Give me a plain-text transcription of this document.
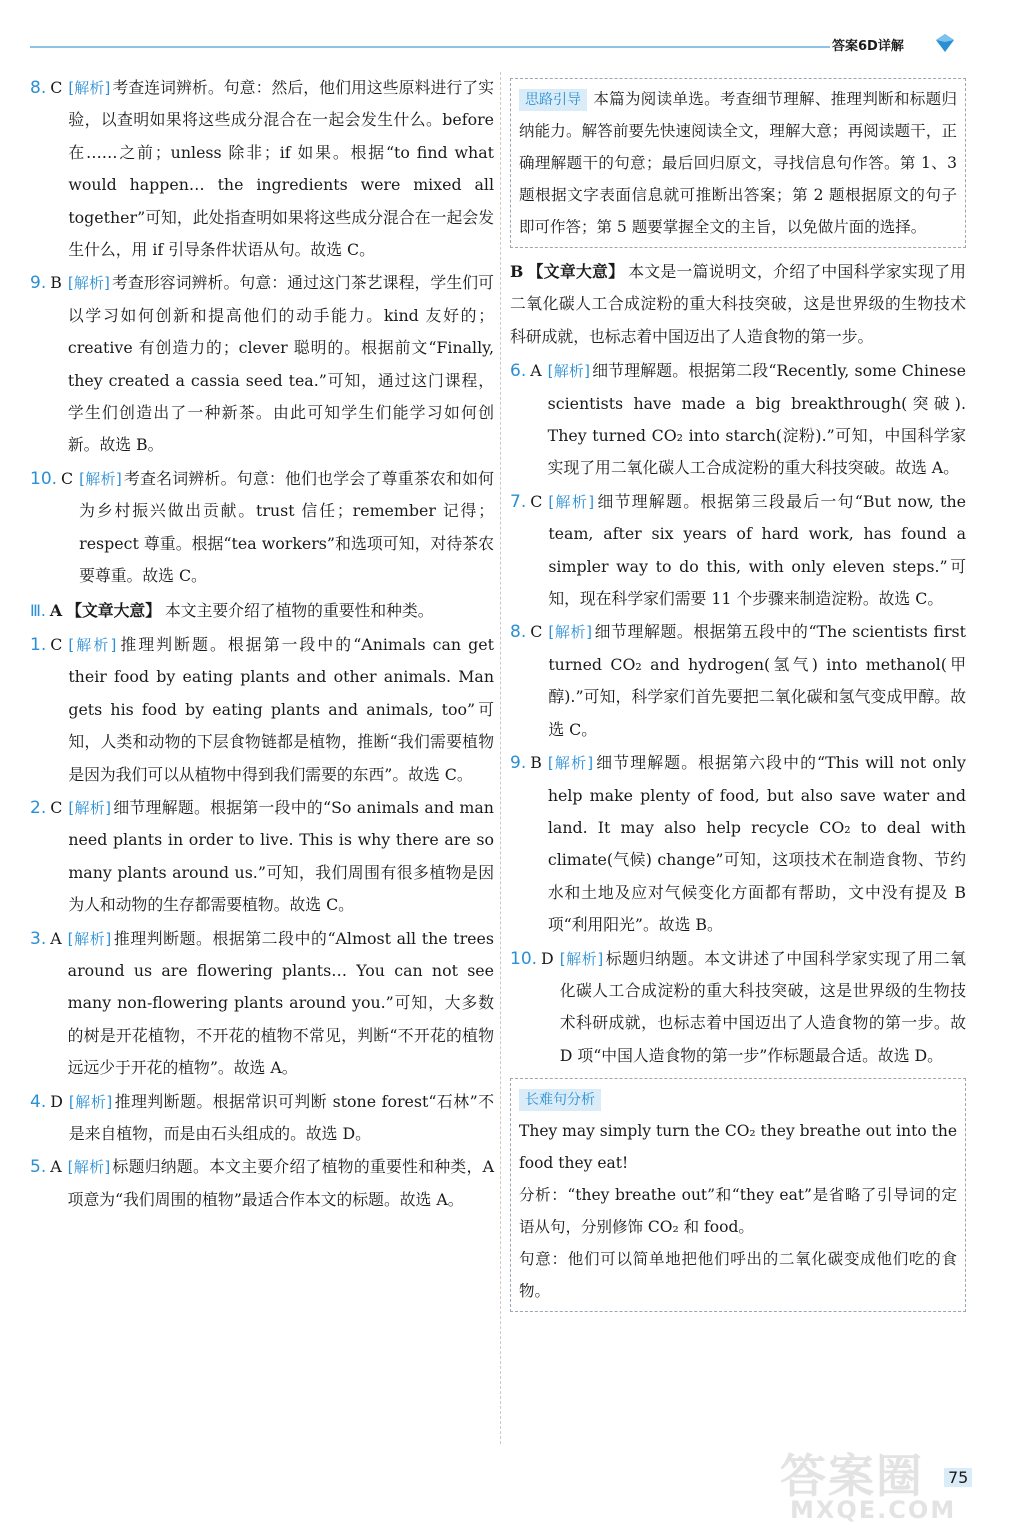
答案6D详解
8. C [解析] 考查连词辨析。句意：然后，他们用这些原料进行了实验，以查明如果将这些成分混合在一起会发生什么。before 在……之前；unless 除非；if 如果。根据“to find what would happen… the ingredients were mixed all together”可知，此处指查明如果将这些成分混合在一起会发生什么，用 if 引导条件状语从句。故选 C。
9. B [解析] 考查形容词辨析。句意：通过这门茶艺课程，学生们可以学习如何创新和提高他们的动手能力。kind 友好的；creative 有创造力的；clever 聪明的。根据前文“Finally, they created a cassia seed tea.”可知，通过这门课程，学生们创造出了一种新茶。由此可知学生们能学习如何创新。故选 B。
10. C [解析] 考查名词辨析。句意：他们也学会了尊重茶农和如何为乡村振兴做出贡献。trust 信任；remember 记得；respect 尊重。根据“tea workers”和选项可知，对待茶农要尊重。故选 C。
Ⅲ. A 【文章大意】 本文主要介绍了植物的重要性和种类。
1. C [解析] 推理判断题。根据第一段中的“Animals can get their food by eating plants and other animals. Man gets his food by eating plants and animals, too”可知，人类和动物的下层食物链都是植物，推断“我们需要植物是因为我们可以从植物中得到我们需要的东西”。故选 C。
2. C [解析] 细节理解题。根据第一段中的“So animals and man need plants in order to live. This is why there are so many plants around us.”可知，我们周围有很多植物是因为人和动物的生存都需要植物。故选 C。
3. A [解析] 推理判断题。根据第二段中的“Almost all the trees around us are flowering plants… You can not see many non-flowering plants around you.”可知，大多数的树是开花植物，不开花的植物不常见，判断“不开花的植物远远少于开花的植物”。故选 A。
4. D [解析] 推理判断题。根据常识可判断 stone forest“石林”不是来自植物，而是由石头组成的。故选 D。
5. A [解析] 标题归纳题。本文主要介绍了植物的重要性和种类，A 项意为“我们周围的植物”最适合作本文的标题。故选 A。
思路引导 本篇为阅读单选。考查细节理解、推理判断和标题归纳能力。解答前要先快速阅读全文，理解大意；再阅读题干，正确理解题干的句意；最后回归原文，寻找信息句作答。第 1、3 题根据文字表面信息就可推断出答案；第 2 题根据原文的句子即可作答；第 5 题要掌握全文的主旨，以免做片面的选择。
B 【文章大意】 本文是一篇说明文，介绍了中国科学家实现了用二氧化碳人工合成淀粉的重大科技突破，这是世界级的生物技术科研成就，也标志着中国迈出了人造食物的第一步。
6. A [解析] 细节理解题。根据第二段“Recently, some Chinese scientists have made a big breakthrough(突破). They turned CO₂ into starch(淀粉).”可知，中国科学家实现了用二氧化碳人工合成淀粉的重大科技突破。故选 A。
7. C [解析] 细节理解题。根据第三段最后一句“But now, the team, after six years of hard work, has found a simpler way to do this, with only eleven steps.”可知，现在科学家们需要 11 个步骤来制造淀粉。故选 C。
8. C [解析] 细节理解题。根据第五段中的“The scientists first turned CO₂ and hydrogen(氢气) into methanol(甲醇).”可知，科学家们首先要把二氧化碳和氢气变成甲醇。故选 C。
9. B [解析] 细节理解题。根据第六段中的“This will not only help make plenty of food, but also save water and land. It may also help recycle CO₂ to deal with climate(气候) change”可知，这项技术在制造食物、节约水和土地及应对气候变化方面都有帮助，文中没有提及 B 项“利用阳光”。故选 B。
10. D [解析] 标题归纳题。本文讲述了中国科学家实现了用二氧化碳人工合成淀粉的重大科技突破，这是世界级的生物技术科研成就，也标志着中国迈出了人造食物的第一步。故 D 项“中国人造食物的第一步”作标题最合适。故选 D。
长难句分析
They may simply turn the CO₂ they breathe out into the food they eat!
分析：“they breathe out”和“they eat”是省略了引导词的定语从句，分别修饰 CO₂ 和 food。
句意：他们可以简单地把他们呼出的二氧化碳变成他们吃的食物。
答案圈
MXQE.COM
75
